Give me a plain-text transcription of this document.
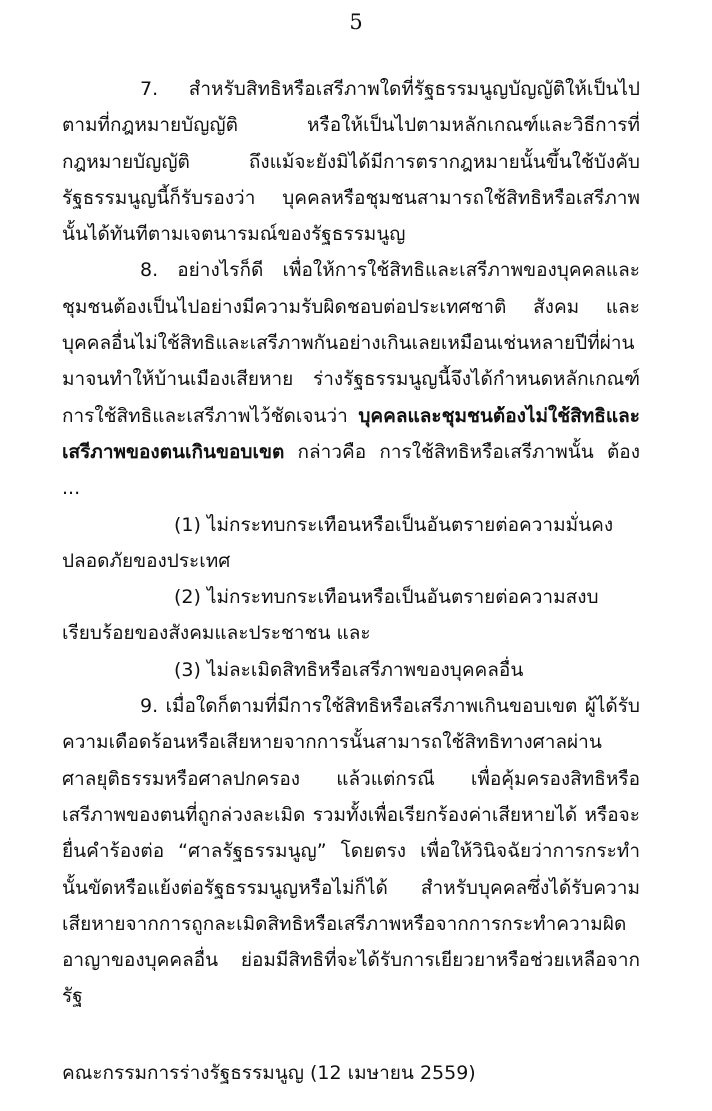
5

7. สำหรับสิทธิหรือเสรีภาพใดที่รัฐธรรมนูญบัญญัติให้เป็นไปตามที่กฎหมายบัญญัติ หรือให้เป็นไปตามหลักเกณฑ์และวิธีการที่กฎหมายบัญญัติ ถึงแม้จะยังมิได้มีการตรากฎหมายนั้นขึ้นใช้บังคับ รัฐธรรมนูญนี้ก็รับรองว่า บุคคลหรือชุมชนสามารถใช้สิทธิหรือเสรีภาพนั้นได้ทันทีตามเจตนารมณ์ของรัฐธรรมนูญ

8. อย่างไรก็ดี เพื่อให้การใช้สิทธิและเสรีภาพของบุคคลและชุมชนต้องเป็นไปอย่างมีความรับผิดชอบต่อประเทศชาติ สังคม และบุคคลอื่นไม่ใช้สิทธิและเสรีภาพกันอย่างเกินเลยเหมือนเช่นหลายปีที่ผ่านมาจนทำให้บ้านเมืองเสียหาย ร่างรัฐธรรมนูญนี้จึงได้กำหนดหลักเกณฑ์การใช้สิทธิและเสรีภาพไว้ชัดเจนว่า บุคคลและชุมชนต้องไม่ใช้สิทธิและเสรีภาพของตนเกินขอบเขต กล่าวคือ การใช้สิทธิหรือเสรีภาพนั้น ต้อง ...

(1) ไม่กระทบกระเทือนหรือเป็นอันตรายต่อความมั่นคงปลอดภัยของประเทศ

(2) ไม่กระทบกระเทือนหรือเป็นอันตรายต่อความสงบเรียบร้อยของสังคมและประชาชน และ

(3) ไม่ละเมิดสิทธิหรือเสรีภาพของบุคคลอื่น

9. เมื่อใดก็ตามที่มีการใช้สิทธิหรือเสรีภาพเกินขอบเขต ผู้ได้รับความเดือดร้อนหรือเสียหายจากการนั้นสามารถใช้สิทธิทางศาลผ่าน ศาลยุติธรรมหรือศาลปกครอง แล้วแต่กรณี เพื่อคุ้มครองสิทธิหรือเสรีภาพของตนที่ถูกล่วงละเมิด รวมทั้งเพื่อเรียกร้องค่าเสียหายได้ หรือจะยื่นคำร้องต่อ “ศาลรัฐธรรมนูญ” โดยตรง เพื่อให้วินิจฉัยว่าการกระทำนั้นขัดหรือแย้งต่อรัฐธรรมนูญหรือไม่ก็ได้ สำหรับบุคคลซึ่งได้รับความเสียหายจากการถูกละเมิดสิทธิหรือเสรีภาพหรือจากการกระทำความผิดอาญาของบุคคลอื่น ย่อมมีสิทธิที่จะได้รับการเยียวยาหรือช่วยเหลือจากรัฐ

คณะกรรมการร่างรัฐธรรมนูญ (12 เมษายน 2559)
